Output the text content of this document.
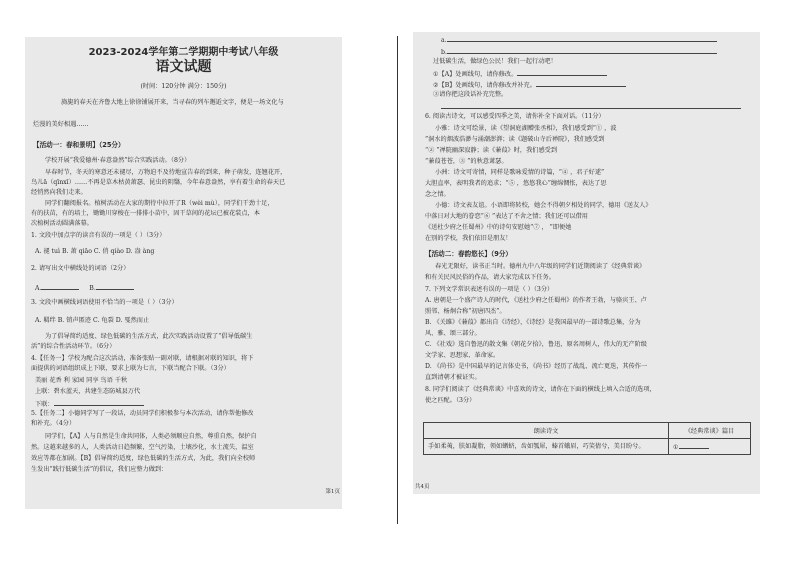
2023-2024学年第二学期期中考试八年级
语文试题
(时间：120分钟 满分：150分)
旖旎的春天在齐鲁大地上徐徐铺展开来，当寻春的列车邂逅文字，便是一场文化与
烂漫的美好相遇……
【活动一：春和景明】（25分）
学校开展“我爱德州·春意盎然”综合实践活动。（8分）
早春时节，冬天的寒意还未褪尽，万物迫不及待地宣告春的到来，种子萌发，连翘花开，
鸟儿ā（qīnxī）……不再是草木枯黄萧瑟、昆虫的阴翳，今年春意盎然，享有着生命的春天已
经悄然向我们走来。
同学们翻阅报名。植树活动在大家的期待中拉开了R（wèi mù），同学们干劲十足，
有的扶苗，有的培土，锄锄川穿梭在一排排小苗中，固干草间的花坛已被花装点，本
次植树活动圆满落幕。
1. 文段中加点字的读音有误的一项是（ ）（3分）
A. 褪 tuì B. 萧 qiāo C. 俏 qiào D. 盎 àng
2. 请写出文中横线处的词语（2分）
A.	B.
3. 文段中画横线词语使用不恰当的一项是（ ）（3分）
A. 羁绊 B. 销声匿迹 C. 龟裂 D. 戛然而止
为了倡导简约适度、绿色低碳的生活方式，此次实践活动设置了“倡导低碳生
活”的综合性活动环节。（6分）
4.【任务一】学校为配合这次活动，准备张贴一副对联，请根据对联的知识，将下
面提供的词语组织成上下联，要求上联为七言，下联当配合下联。（3分）
美丽 花香 利 家园 同享 鸟语 千秋
上联：碧水蓝天，共建生态防城县万代
下联：
5.【任务二】小德同学写了一段话，动员同学们积极参与本次活动，请你帮他修改
和补充。（4分）
同学们，【A】人与自然是生命共同体，人类必须顺应自然，尊重自然，保护自
然。这越来越多的人，人类活动日趋频繁，空气污染，土壤沙化，水土流失，温室
效应等都在加剧。【B】倡导简约适度，绿色低碳的生活方式，为此，我们向全校师
生发出“践行低碳生活”的倡议，我们应整力做到：
第1页
a.
b.
过低碳生活，做绿色公民！我们一起行动吧！
①【A】处画线句，请你修改。
②【B】处画线句，请你修改并补充。
③请你把这段话补充完整。
6. 阅读古诗文，可以感受四季之美，请你补全下面对话。（11分）
小雅：诗文可绘景，读《望洞庭湖赠张丞相》，我们感受到“① ，波
”洞水的烟波浩渺与涌潮澎湃；读《题破山寺后禅院》，我们感受到
“② ”禅院幽深寂静；读《蒹葭》时，我们感受到
“蒹葭苍苍，③ ”的秋意萧瑟。
小洲：诗文可寄情，同样是歌咏爱情的诗篇，“④ ，君子好逑”
大胆直率，表明我者的追求；“⑤ ，悠悠我心”缠绵惆怅，表达了思
念之情。
小德：诗文表友谊。小语即将转校，她会不得朝夕相处的同学，德用《送友人》
中落日对大地的眷恋“⑥ ”表达了不舍之情；我们还可以借用
《送杜少府之任蜀州》中的诗句安慰她“⑦ ， ”即便她
在别的学校，我们依旧是朋友！
【活动二：春韵悠长】（9分）
春光无限好，读书正当时。德州九中八年级的同学们近期阅读了《经典常谈》
和有关民风民俗的作品，请大家完成以下任务。
7. 下列文学常识表述有误的一项是（ ）（3分）
A. 唐朝是一个盛产诗人的时代，《送杜少府之任蜀州》的作者王勃，与骆宾王、卢
照邻、杨炯合称“初唐四杰”。
B. 《关雎》《蒹葭》都出自《诗经》，《诗经》是我国最早的一部诗歌总集，分为
风、雅、颂三部分。
C. 《社戏》选自鲁迅的散文集《朝花夕拾》，鲁迅，原名周树人，伟大的无产阶级
文学家、思想家、革命家。
D. 《尚书》是中国最早的记言体史书，《尚书》经历了战乱、流亡更迭，其传作一
直到清朝才被证实。
8. 同学们阅读了《经典常谈》中喜欢的诗文，请你在下面的横线上填入合适的选项，
使之匹配。（3分）
朗读诗文	《经典常谈》篇目
手如柔荑，肤如凝脂，领如蝤蛴，齿如瓠犀，螓首蛾眉，巧笑倩兮，美目盼兮。	①
共4页
